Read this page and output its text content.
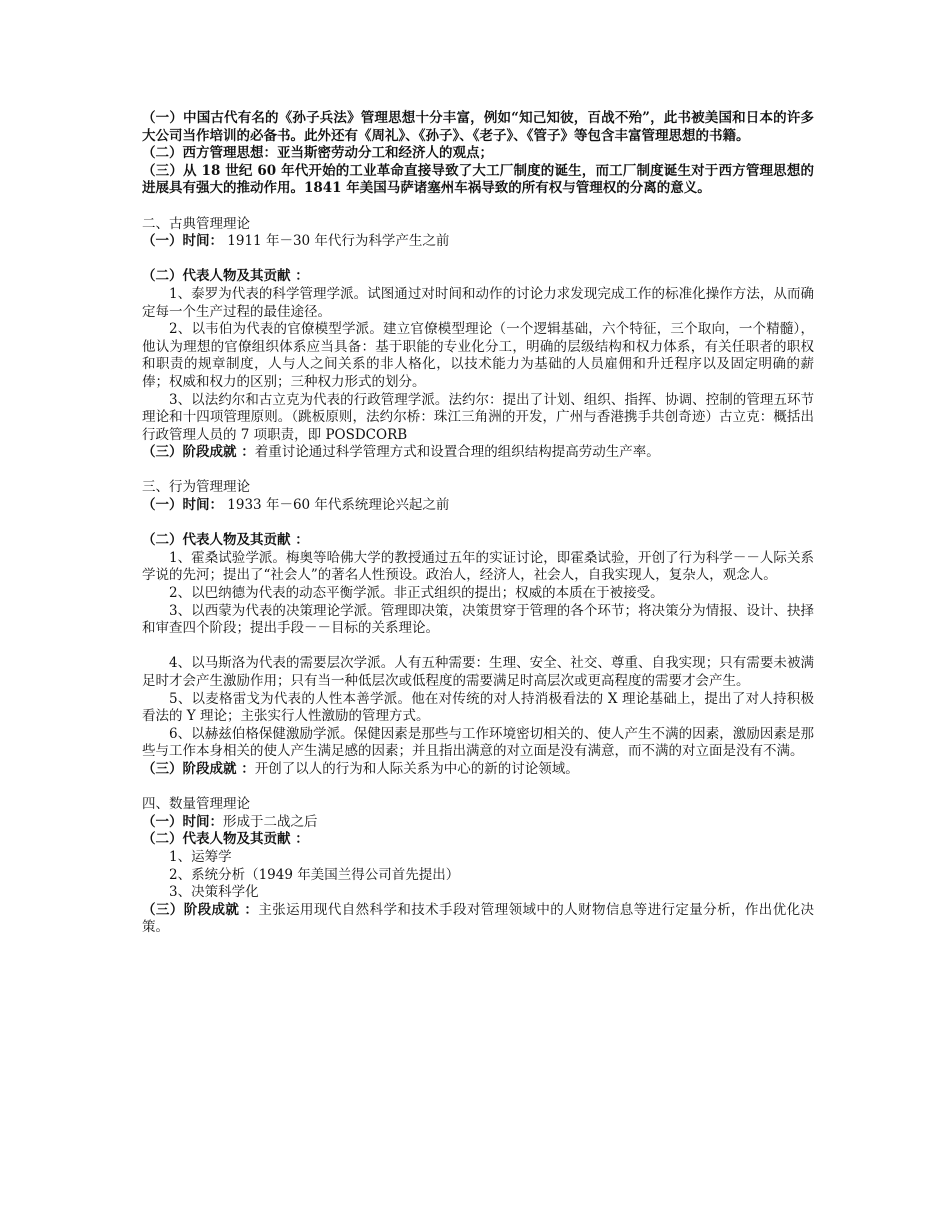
（一）中国古代有名的《孙子兵法》管理思想十分丰富，例如“知己知彼，百战不殆”，此书被美国和日本的许多大公司当作培训的必备书。此外还有《周礼》、《孙子》、《老子》、《管子》等包含丰富管理思想的书籍。

（二）西方管理思想：亚当斯密劳动分工和经济人的观点；

（三）从 18 世纪 60 年代开始的工业革命直接导致了大工厂制度的诞生，而工厂制度诞生对于西方管理思想的进展具有强大的推动作用。1841 年美国马萨诸塞州车祸导致的所有权与管理权的分离的意义。

二、古典管理理论

（一）时间： 1911 年－30 年代行为科学产生之前

（二）代表人物及其贡献 ：

1、泰罗为代表的科学管理学派。试图通过对时间和动作的讨论力求发现完成工作的标准化操作方法，从而确定每一个生产过程的最佳途径。

2、以韦伯为代表的官僚模型学派。建立官僚模型理论（一个逻辑基础，六个特征，三个取向，一个精髓），他认为理想的官僚组织体系应当具备：基于职能的专业化分工，明确的层级结构和权力体系，有关任职者的职权和职责的规章制度，人与人之间关系的非人格化，以技术能力为基础的人员雇佣和升迁程序以及固定明确的薪俸；权威和权力的区别；三种权力形式的划分。

3、以法约尔和古立克为代表的行政管理学派。法约尔：提出了计划、组织、指挥、协调、控制的管理五环节理论和十四项管理原则。（跳板原则，法约尔桥：珠江三角洲的开发，广州与香港携手共创奇迹）古立克：概括出行政管理人员的 7 项职责，即 POSDCORB

（三）阶段成就 ：着重讨论通过科学管理方式和设置合理的组织结构提高劳动生产率。

三、行为管理理论

（一）时间： 1933 年－60 年代系统理论兴起之前

（二）代表人物及其贡献 ：

1、霍桑试验学派。梅奥等哈佛大学的教授通过五年的实证讨论，即霍桑试验，开创了行为科学－－人际关系学说的先河；提出了“社会人”的著名人性预设。政治人，经济人，社会人，自我实现人，复杂人，观念人。

2、以巴纳德为代表的动态平衡学派。非正式组织的提出；权威的本质在于被接受。

3、以西蒙为代表的决策理论学派。管理即决策，决策贯穿于管理的各个环节；将决策分为情报、设计、抉择和审查四个阶段；提出手段－－目标的关系理论。

4、以马斯洛为代表的需要层次学派。人有五种需要：生理、安全、社交、尊重、自我实现；只有需要未被满足时才会产生激励作用；只有当一种低层次或低程度的需要满足时高层次或更高程度的需要才会产生。

5、以麦格雷戈为代表的人性本善学派。他在对传统的对人持消极看法的 X 理论基础上，提出了对人持积极看法的 Y 理论；主张实行人性激励的管理方式。

6、以赫兹伯格保健激励学派。保健因素是那些与工作环境密切相关的、使人产生不满的因素，激励因素是那些与工作本身相关的使人产生满足感的因素；并且指出满意的对立面是没有满意，而不满的对立面是没有不满。

（三）阶段成就 ：开创了以人的行为和人际关系为中心的新的讨论领域。

四、数量管理理论

（一）时间：形成于二战之后

（二）代表人物及其贡献 ：

1、运筹学

2、系统分析（1949 年美国兰得公司首先提出）

3、决策科学化

（三）阶段成就 ：主张运用现代自然科学和技术手段对管理领域中的人财物信息等进行定量分析，作出优化决策。
